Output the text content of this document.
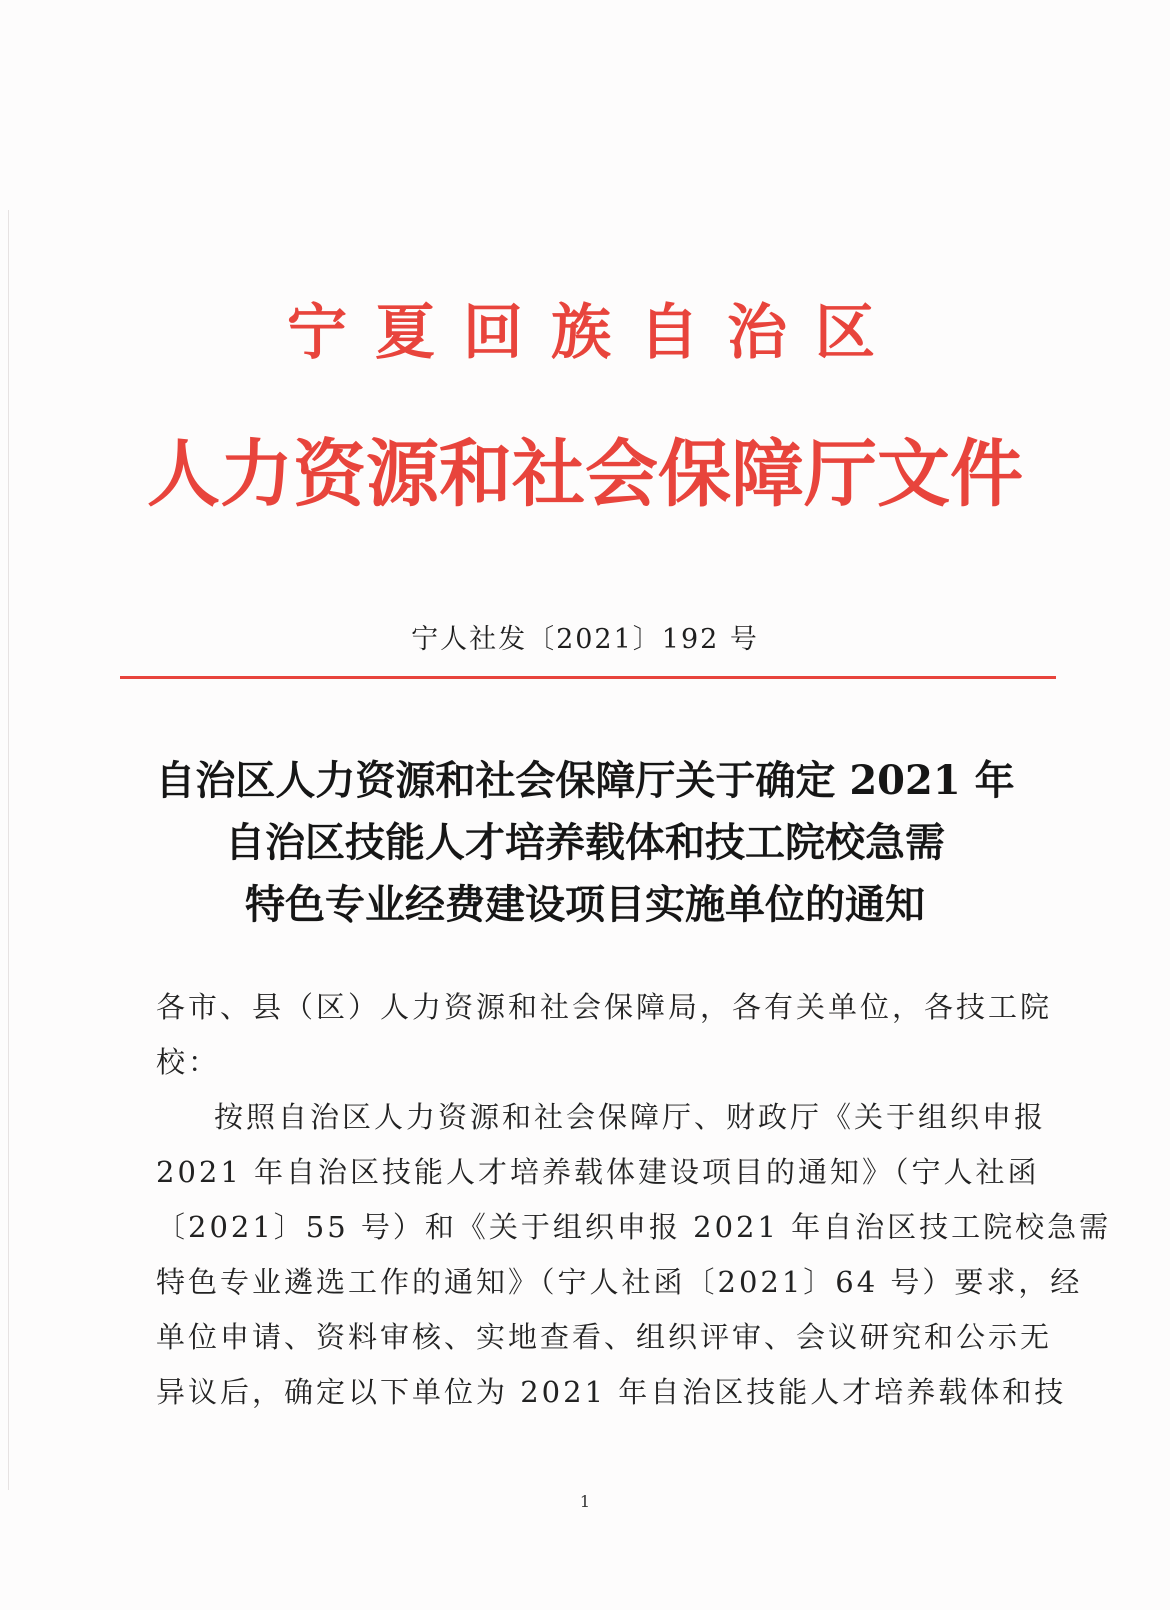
宁夏回族自治区
人力资源和社会保障厅文件
宁人社发〔2021〕192 号
自治区人力资源和社会保障厅关于确定 2021 年
自治区技能人才培养载体和技工院校急需
特色专业经费建设项目实施单位的通知
各市、县（区）人力资源和社会保障局，各有关单位，各技工院
校：
按照自治区人力资源和社会保障厅、财政厅《关于组织申报
2021 年自治区技能人才培养载体建设项目的通知》（宁人社函
〔2021〕55 号）和《关于组织申报 2021 年自治区技工院校急需
特色专业遴选工作的通知》（宁人社函〔2021〕64 号）要求，经
单位申请、资料审核、实地查看、组织评审、会议研究和公示无
异议后，确定以下单位为 2021 年自治区技能人才培养载体和技
1
